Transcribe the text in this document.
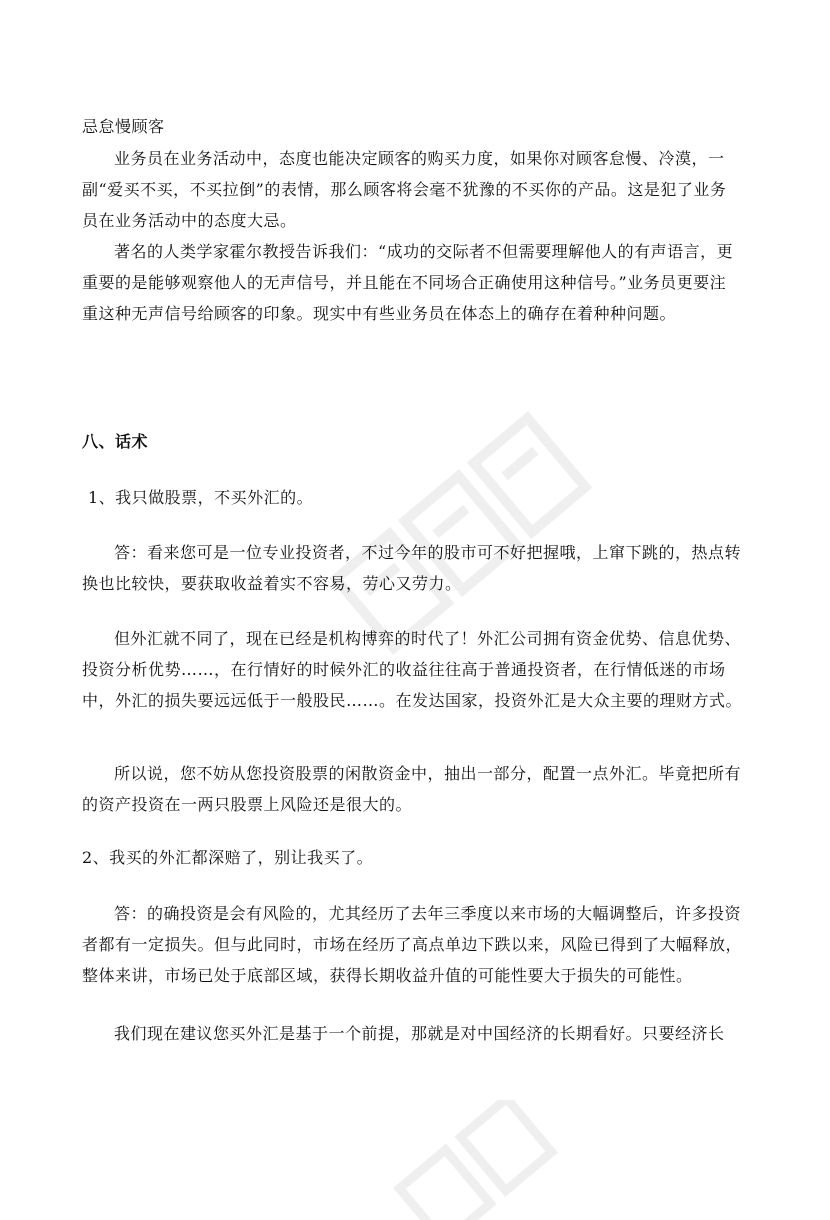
忌怠慢顾客

业务员在业务活动中，态度也能决定顾客的购买力度，如果你对顾客怠慢、冷漠，一副“爱买不买，不买拉倒”的表情，那么顾客将会毫不犹豫的不买你的产品。这是犯了业务员在业务活动中的态度大忌。

著名的人类学家霍尔教授告诉我们：“成功的交际者不但需要理解他人的有声语言，更重要的是能够观察他人的无声信号，并且能在不同场合正确使用这种信号。”业务员更要注重这种无声信号给顾客的印象。现实中有些业务员在体态上的确存在着种种问题。

八、话术

1、我只做股票，不买外汇的。

答：看来您可是一位专业投资者，不过今年的股市可不好把握哦，上窜下跳的，热点转换也比较快，要获取收益着实不容易，劳心又劳力。

但外汇就不同了，现在已经是机构博弈的时代了！外汇公司拥有资金优势、信息优势、投资分析优势……，在行情好的时候外汇的收益往往高于普通投资者，在行情低迷的市场中，外汇的损失要远远低于一般股民……。在发达国家，投资外汇是大众主要的理财方式。

所以说，您不妨从您投资股票的闲散资金中，抽出一部分，配置一点外汇。毕竟把所有的资产投资在一两只股票上风险还是很大的。

2、我买的外汇都深赔了，别让我买了。

答：的确投资是会有风险的，尤其经历了去年三季度以来市场的大幅调整后，许多投资者都有一定损失。但与此同时，市场在经历了高点单边下跌以来，风险已得到了大幅释放，整体来讲，市场已处于底部区域，获得长期收益升值的可能性要大于损失的可能性。

我们现在建议您买外汇是基于一个前提，那就是对中国经济的长期看好。只要经济长
